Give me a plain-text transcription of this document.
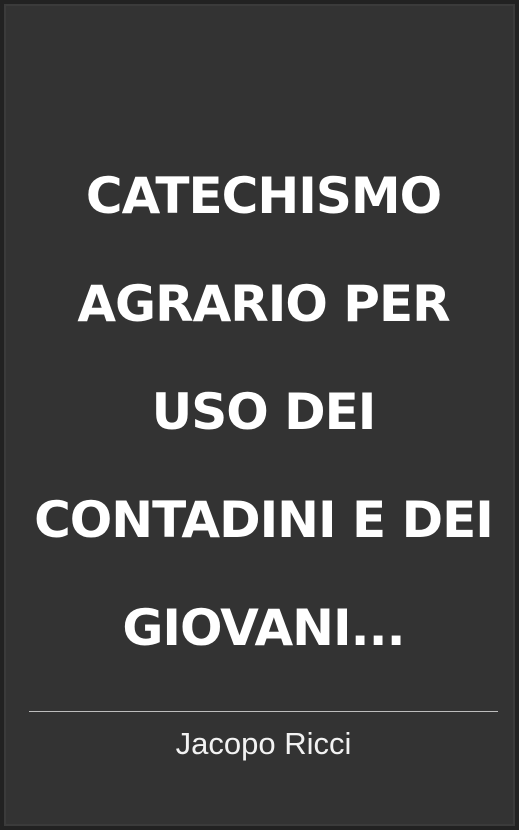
CATECHISMO
AGRARIO PER
USO DEI
CONTADINI E DEI
GIOVANI...
Jacopo Ricci
